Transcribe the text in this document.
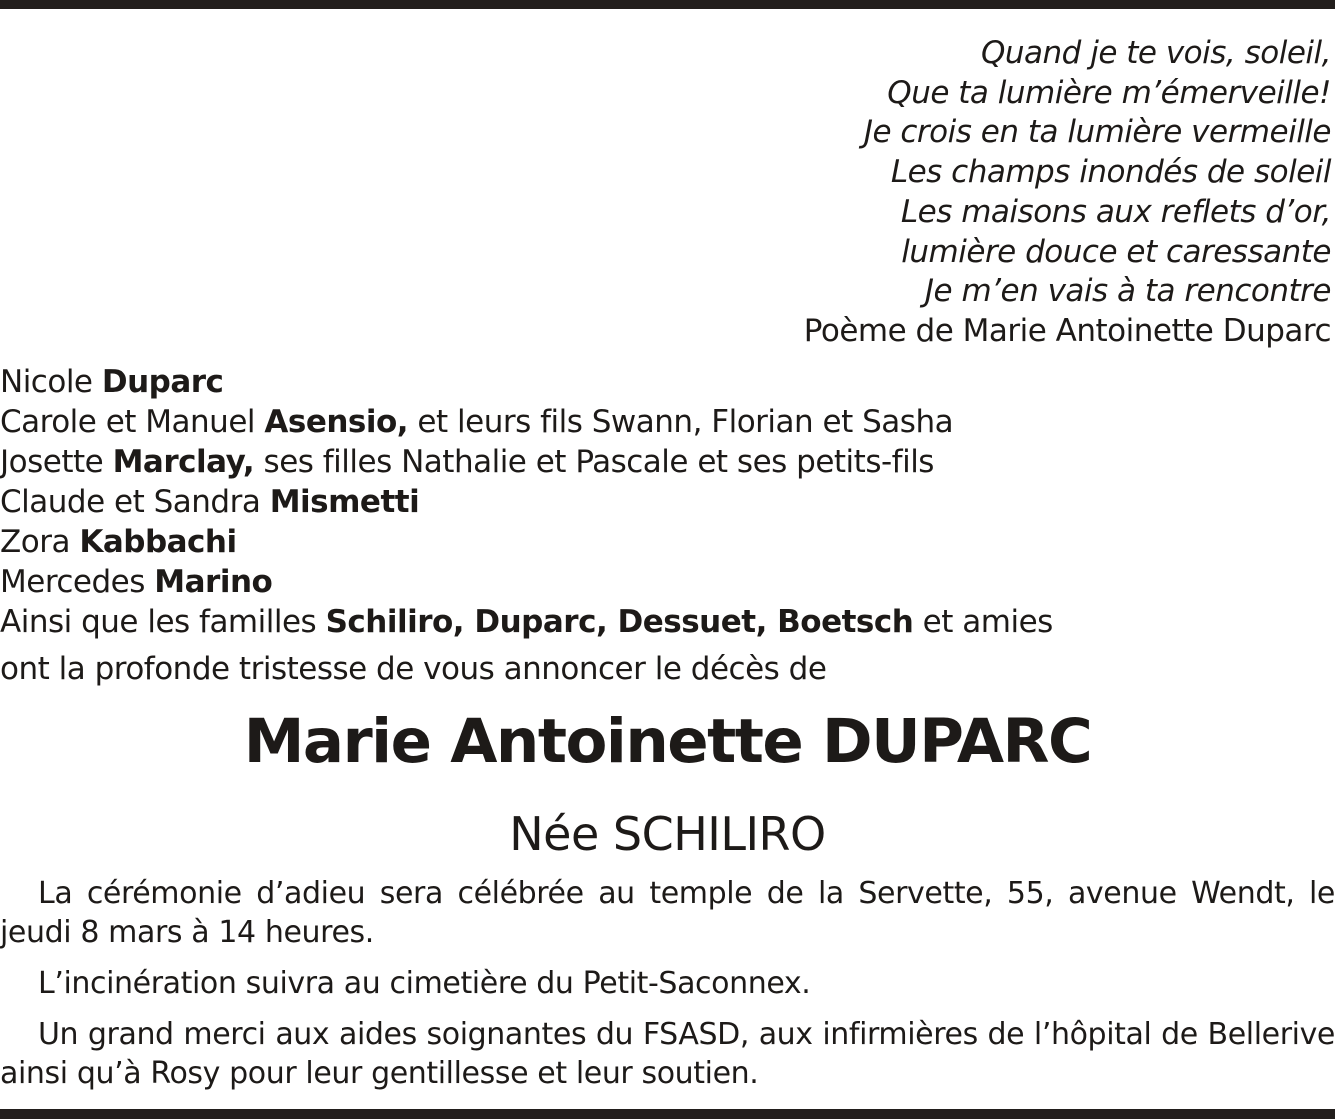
Quand je te vois, soleil,
Que ta lumière m’émerveille!
Je crois en ta lumière vermeille
Les champs inondés de soleil
Les maisons aux reflets d’or,
lumière douce et caressante
Je m’en vais à ta rencontre
Poème de Marie Antoinette Duparc
Nicole Duparc
Carole et Manuel Asensio, et leurs fils Swann, Florian et Sasha
Josette Marclay, ses filles Nathalie et Pascale et ses petits-fils
Claude et Sandra Mismetti
Zora Kabbachi
Mercedes Marino
Ainsi que les familles Schiliro, Duparc, Dessuet, Boetsch et amies
ont la profonde tristesse de vous annoncer le décès de
Marie Antoinette DUPARC
Née SCHILIRO
La cérémonie d’adieu sera célébrée au temple de la Servette, 55, avenue Wendt, le
jeudi 8 mars à 14 heures.
L’incinération suivra au cimetière du Petit-Saconnex.
Un grand merci aux aides soignantes du FSASD, aux infirmières de l’hôpital de Bellerive
ainsi qu’à Rosy pour leur gentillesse et leur soutien.
